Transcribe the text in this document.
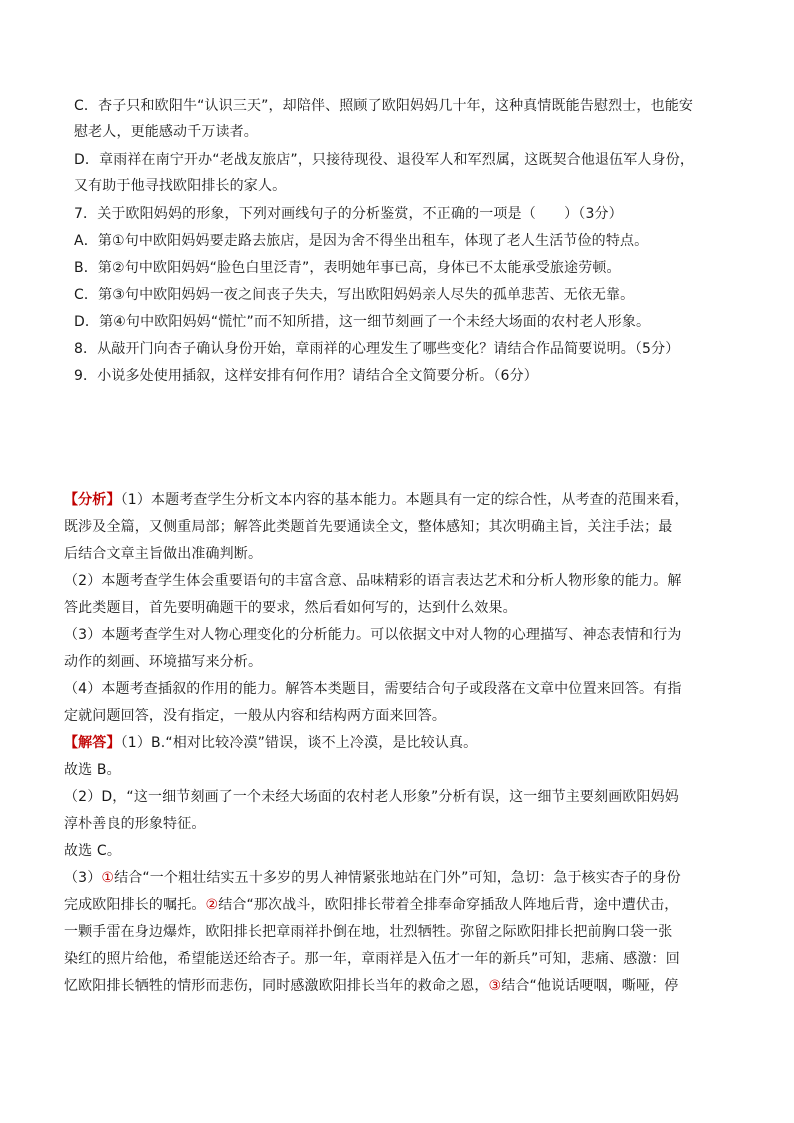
C．杏子只和欧阳牛“认识三天”，却陪伴、照顾了欧阳妈妈几十年，这种真情既能告慰烈士，也能安
慰老人，更能感动千万读者。
D．章雨祥在南宁开办“老战友旅店”，只接待现役、退役军人和军烈属，这既契合他退伍军人身份，
又有助于他寻找欧阳排长的家人。
7．关于欧阳妈妈的形象，下列对画线句子的分析鉴赏，不正确的一项是（　　）（3分）
A．第①句中欧阳妈妈要走路去旅店，是因为舍不得坐出租车，体现了老人生活节俭的特点。
B．第②句中欧阳妈妈“脸色白里泛青”，表明她年事已高，身体已不太能承受旅途劳顿。
C．第③句中欧阳妈妈一夜之间丧子失夫，写出欧阳妈妈亲人尽失的孤单悲苦、无依无靠。
D．第④句中欧阳妈妈“慌忙”而不知所措，这一细节刻画了一个未经大场面的农村老人形象。
8．从敲开门向杏子确认身份开始，章雨祥的心理发生了哪些变化？请结合作品简要说明。（5分）
9．小说多处使用插叙，这样安排有何作用？请结合全文简要分析。（6分）
【分析】（1）本题考查学生分析文本内容的基本能力。本题具有一定的综合性，从考查的范围来看，
既涉及全篇，又侧重局部；解答此类题首先要通读全文，整体感知；其次明确主旨，关注手法；最
后结合文章主旨做出准确判断。
（2）本题考查学生体会重要语句的丰富含意、品味精彩的语言表达艺术和分析人物形象的能力。解
答此类题目，首先要明确题干的要求，然后看如何写的，达到什么效果。
（3）本题考查学生对人物心理变化的分析能力。可以依据文中对人物的心理描写、神态表情和行为
动作的刻画、环境描写来分析。
（4）本题考查插叙的作用的能力。解答本类题目，需要结合句子或段落在文章中位置来回答。有指
定就问题回答，没有指定，一般从内容和结构两方面来回答。
【解答】（1）B.“相对比较冷漠”错误，谈不上冷漠，是比较认真。
故选 B。
（2）D，“这一细节刻画了一个未经大场面的农村老人形象”分析有误，这一细节主要刻画欧阳妈妈
淳朴善良的形象特征。
故选 C。
（3）①结合“一个粗壮结实五十多岁的男人神情紧张地站在门外”可知，急切：急于核实杏子的身份
完成欧阳排长的嘱托。②结合“那次战斗，欧阳排长带着全排奉命穿插敌人阵地后背，途中遭伏击，
一颗手雷在身边爆炸，欧阳排长把章雨祥扑倒在地，壮烈牺牲。弥留之际欧阳排长把前胸口袋一张
染红的照片给他，希望能送还给杏子。那一年，章雨祥是入伍才一年的新兵”可知，悲痛、感激：回
忆欧阳排长牺牲的情形而悲伤，同时感激欧阳排长当年的救命之恩，③结合“他说话哽咽，嘶哑，停
